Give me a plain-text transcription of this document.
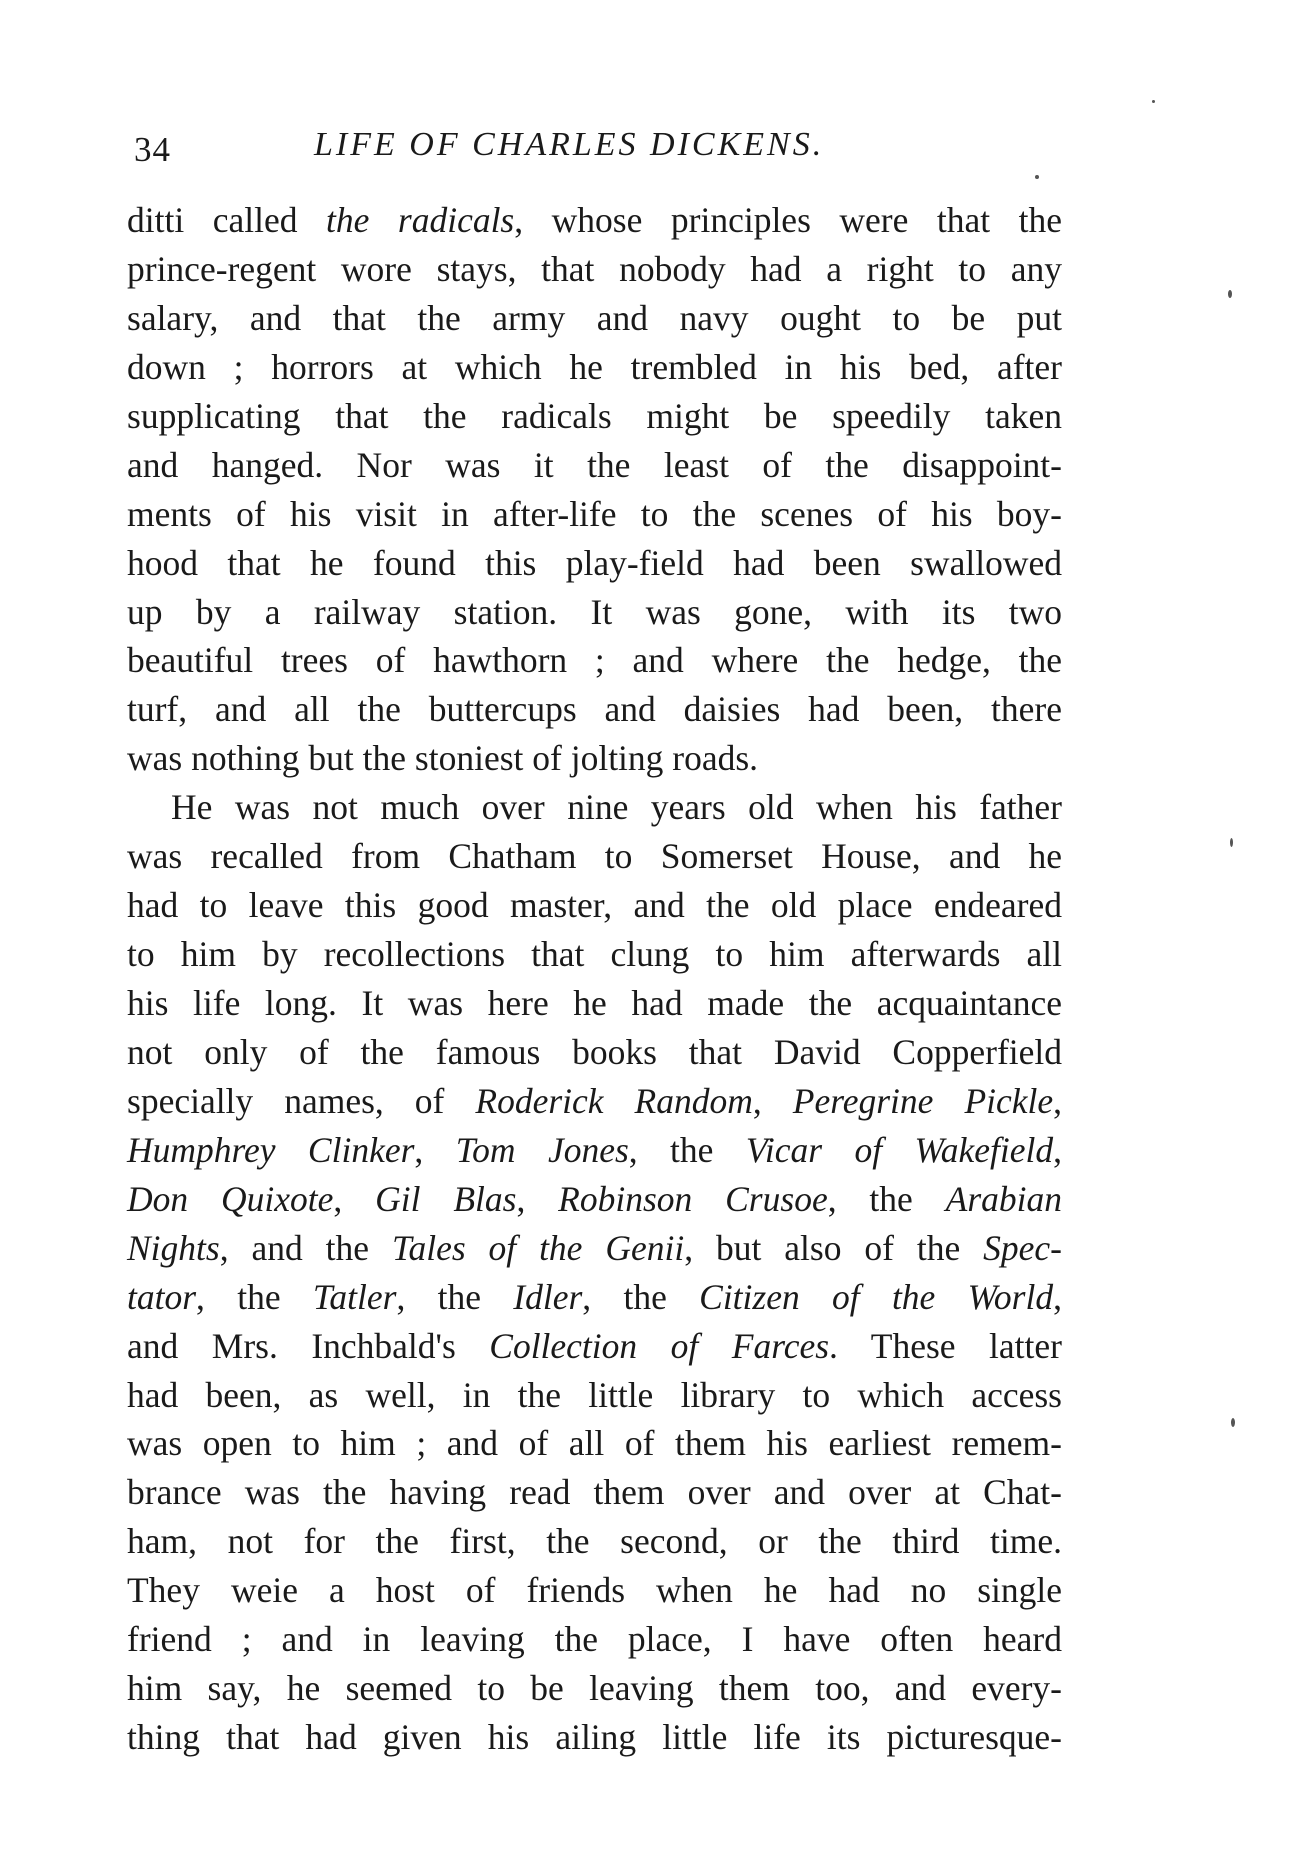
34	LIFE OF CHARLES DICKENS.
ditti called the radicals, whose principles were that the
prince-regent wore stays, that nobody had a right to any
salary, and that the army and navy ought to be put
down ; horrors at which he trembled in his bed, after
supplicating that the radicals might be speedily taken
and hanged. Nor was it the least of the disappoint-
ments of his visit in after-life to the scenes of his boy-
hood that he found this play-field had been swallowed
up by a railway station. It was gone, with its two
beautiful trees of hawthorn ; and where the hedge, the
turf, and all the buttercups and daisies had been, there
was nothing but the stoniest of jolting roads.
He was not much over nine years old when his father
was recalled from Chatham to Somerset House, and he
had to leave this good master, and the old place endeared
to him by recollections that clung to him afterwards all
his life long. It was here he had made the acquaintance
not only of the famous books that David Copperfield
specially names, of Roderick Random, Peregrine Pickle,
Humphrey Clinker, Tom Jones, the Vicar of Wakefield,
Don Quixote, Gil Blas, Robinson Crusoe, the Arabian
Nights, and the Tales of the Genii, but also of the Spec-
tator, the Tatler, the Idler, the Citizen of the World,
and Mrs. Inchbald's Collection of Farces. These latter
had been, as well, in the little library to which access
was open to him ; and of all of them his earliest remem-
brance was the having read them over and over at Chat-
ham, not for the first, the second, or the third time.
They weie a host of friends when he had no single
friend ; and in leaving the place, I have often heard
him say, he seemed to be leaving them too, and every-
thing that had given his ailing little life its picturesque-
